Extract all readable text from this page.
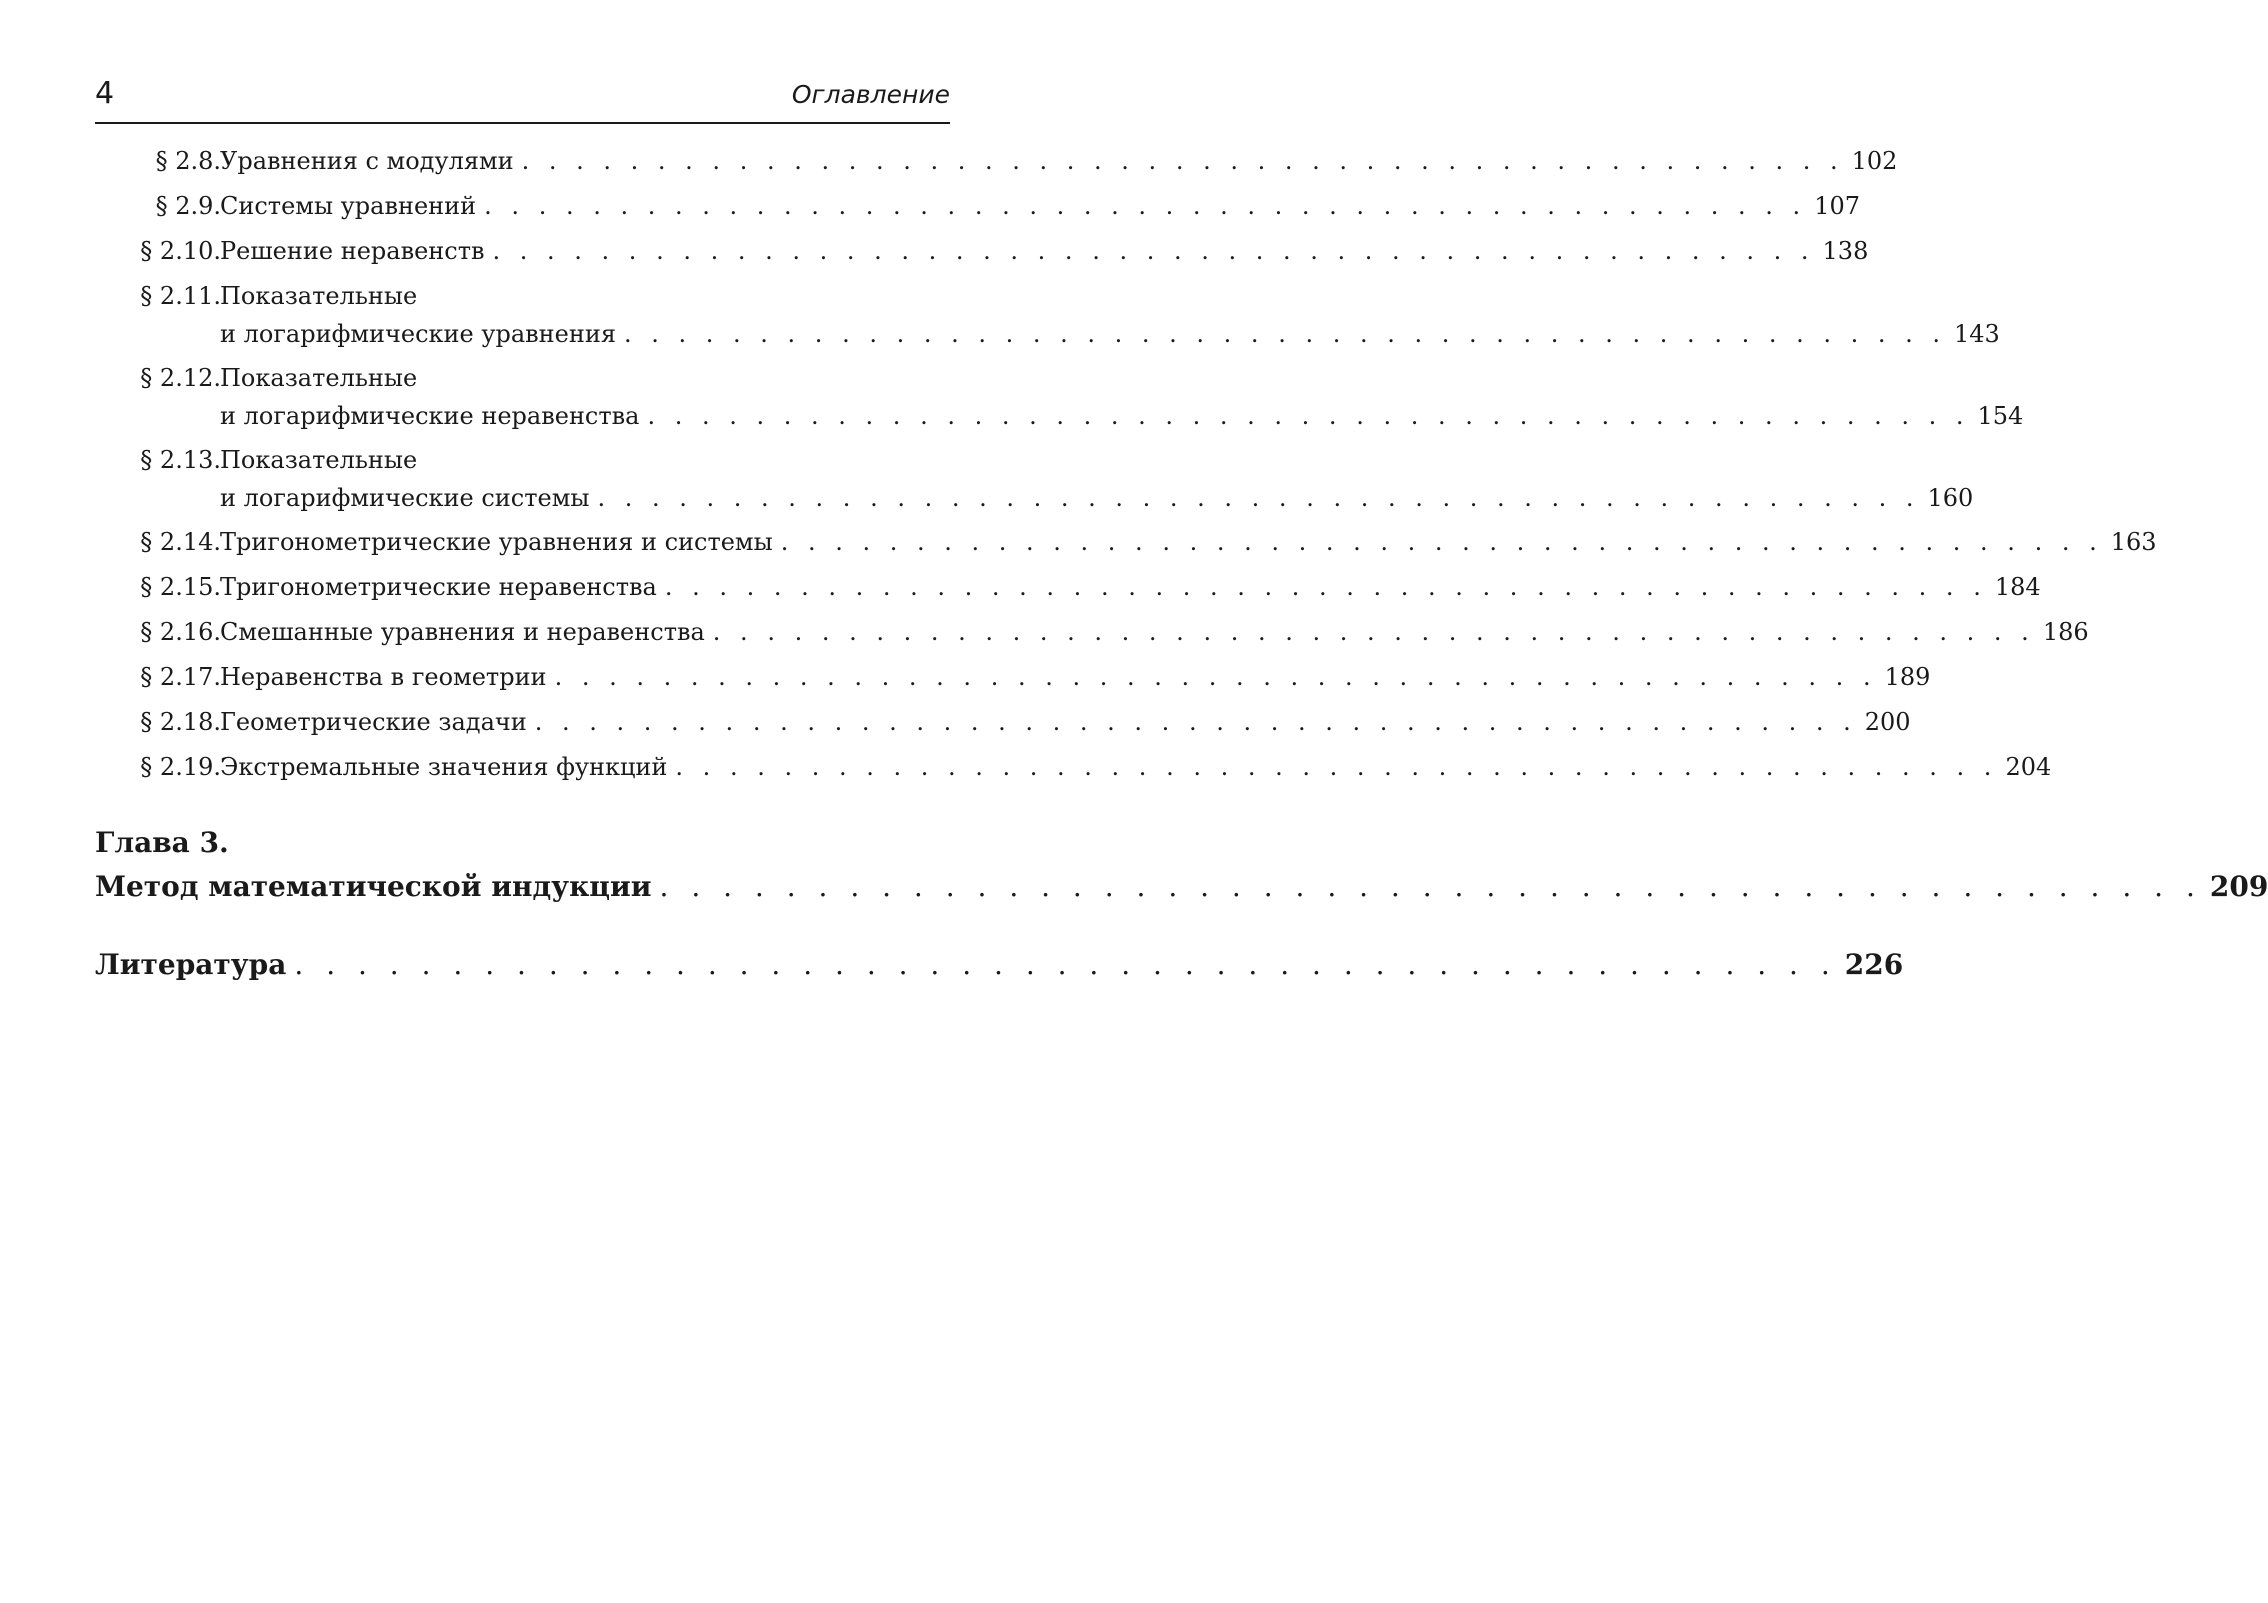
4	Оглавление
§ 2.8. Уравнения с модулями . . . . . . . . . . . . . . . . . . . . . . . . . . . . . . . . . . . . . . . . . . . . . . . . . 102
§ 2.9. Системы уравнений . . . . . . . . . . . . . . . . . . . . . . . . . . . . . . . . . . . . . . . . . . . . . . . . . 107
§ 2.10. Решение неравенств . . . . . . . . . . . . . . . . . . . . . . . . . . . . . . . . . . . . . . . . . . . . . . . . . 138
§ 2.11. Показательные
и логарифмические уравнения . . . . . . . . . . . . . . . . . . . . . . . . . . . . . . . . . . . . . . . . . . . . . . . . . 143
§ 2.12. Показательные
и логарифмические неравенства . . . . . . . . . . . . . . . . . . . . . . . . . . . . . . . . . . . . . . . . . . . . . . . . . 154
§ 2.13. Показательные
и логарифмические системы . . . . . . . . . . . . . . . . . . . . . . . . . . . . . . . . . . . . . . . . . . . . . . . . . 160
§ 2.14. Тригонометрические уравнения и системы . . . . . . . . . . . . . . . . . . . . . . . . . . . . . . . . . . . . . . . . . . . . . . . . . 163
§ 2.15. Тригонометрические неравенства . . . . . . . . . . . . . . . . . . . . . . . . . . . . . . . . . . . . . . . . . . . . . . . . . 184
§ 2.16. Смешанные уравнения и неравенства . . . . . . . . . . . . . . . . . . . . . . . . . . . . . . . . . . . . . . . . . . . . . . . . . 186
§ 2.17. Неравенства в геометрии . . . . . . . . . . . . . . . . . . . . . . . . . . . . . . . . . . . . . . . . . . . . . . . . . 189
§ 2.18. Геометрические задачи . . . . . . . . . . . . . . . . . . . . . . . . . . . . . . . . . . . . . . . . . . . . . . . . . 200
§ 2.19. Экстремальные значения функций . . . . . . . . . . . . . . . . . . . . . . . . . . . . . . . . . . . . . . . . . . . . . . . . . 204
Глава 3.
Метод математической индукции . . . . . . . . . . . . . . . . . . . . . . . . . . . . . . . . . . . . . . . . . . . . . . . . . 209
Литература . . . . . . . . . . . . . . . . . . . . . . . . . . . . . . . . . . . . . . . . . . . . . . . . . 226
